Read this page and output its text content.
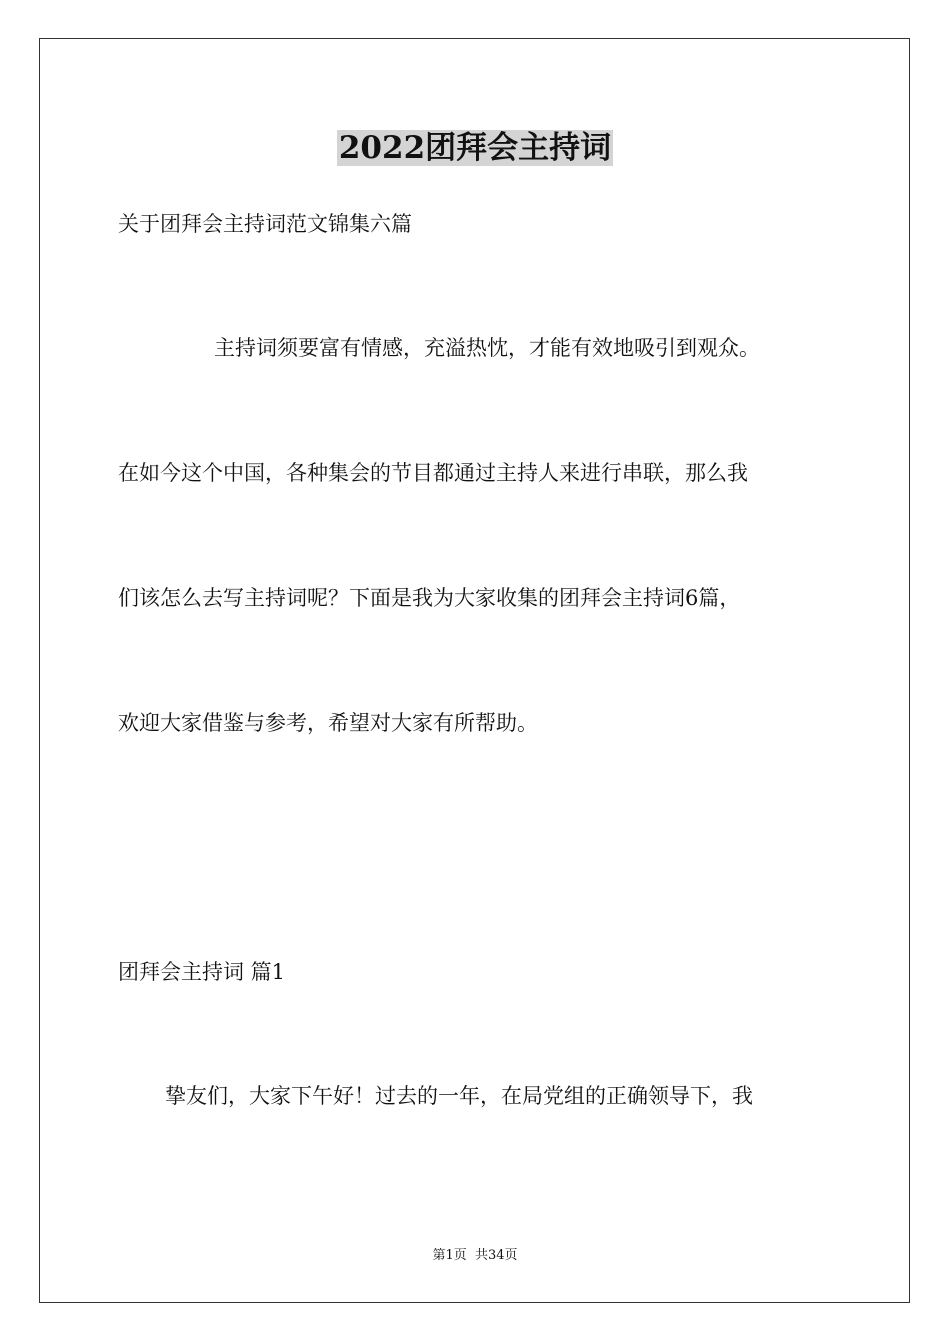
2022团拜会主持词
关于团拜会主持词范文锦集六篇
主持词须要富有情感，充溢热忱，才能有效地吸引到观众。
在如今这个中国，各种集会的节目都通过主持人来进行串联，那么我
们该怎么去写主持词呢？下面是我为大家收集的团拜会主持词6篇，
欢迎大家借鉴与参考，希望对大家有所帮助。
团拜会主持词 篇1
挚友们，大家下午好！过去的一年，在局党组的正确领导下，我
第1页  共34页
